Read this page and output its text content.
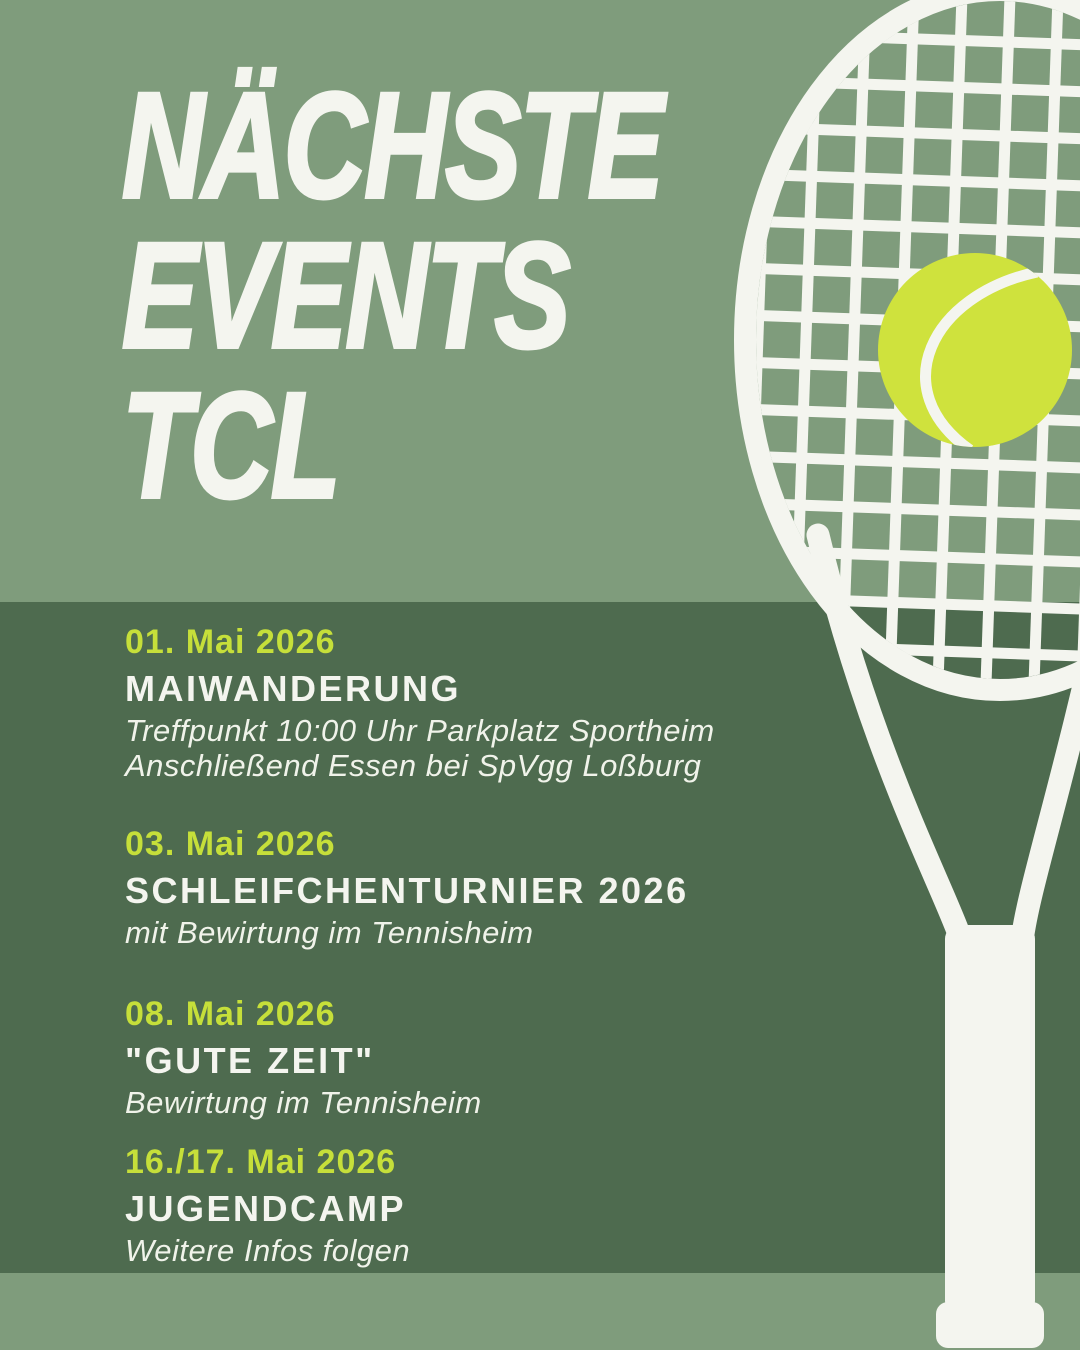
NÄCHSTE
EVENTS
TCL
01. Mai 2026
MAIWANDERUNG
Treffpunkt 10:00 Uhr Parkplatz Sportheim
Anschließend Essen bei SpVgg Loßburg
03. Mai 2026
SCHLEIFCHENTURNIER 2026
mit Bewirtung im Tennisheim
08. Mai 2026
"GUTE ZEIT"
Bewirtung im Tennisheim
16./17. Mai 2026
JUGENDCAMP
Weitere Infos folgen
